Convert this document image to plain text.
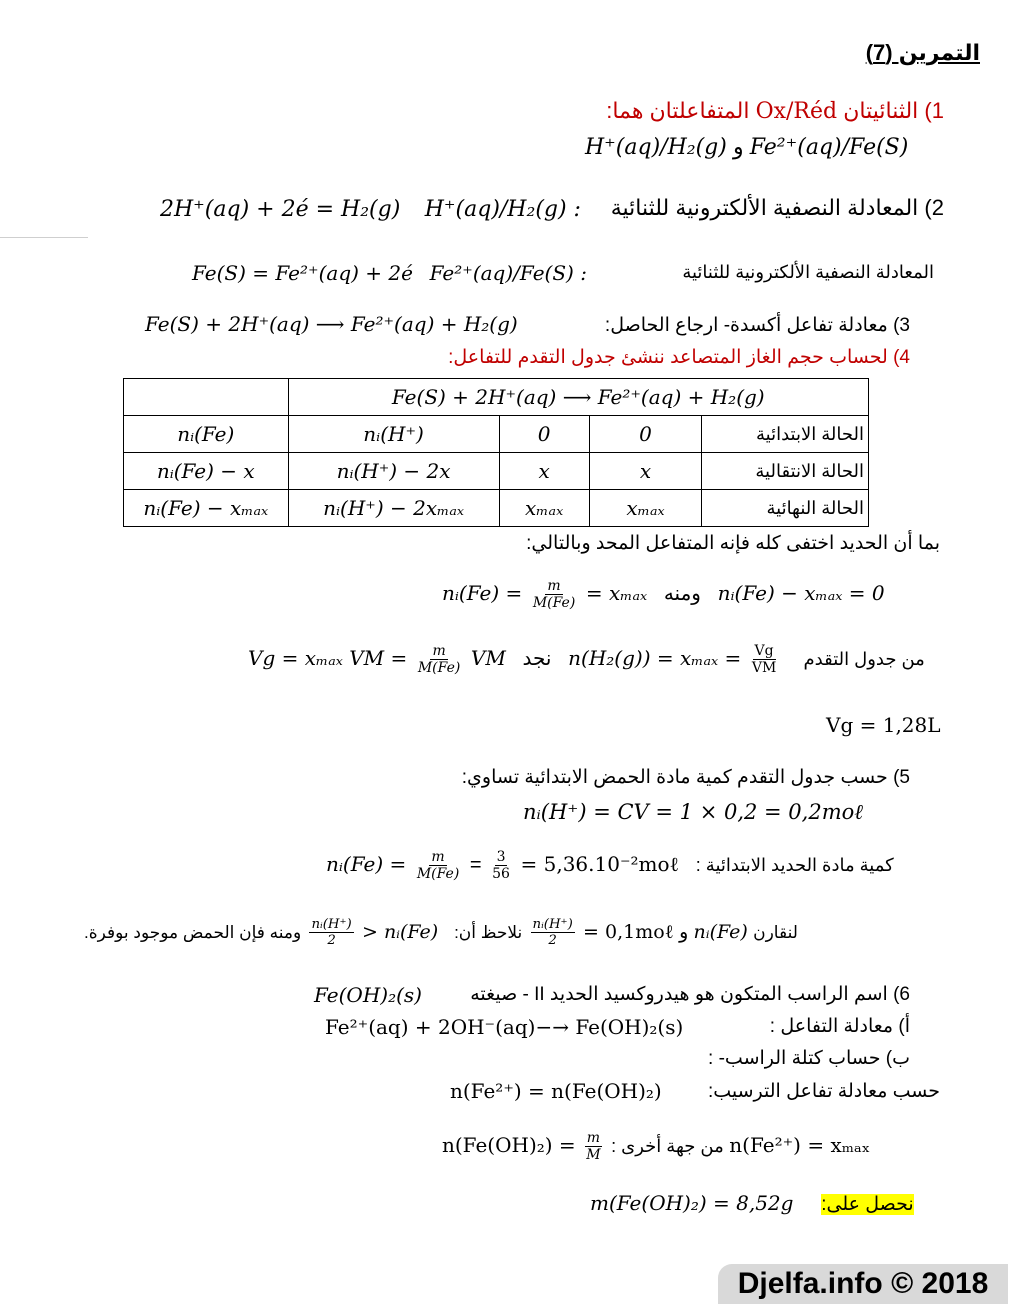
التمرين (7)
1) الثنائيتان Ox/Réd المتفاعلتان هما:
H⁺(aq)/H₂(g) و Fe²⁺(aq)/Fe(S)
2) المعادلة النصفية الألكترونية للثنائية
2H⁺(aq) + 2é = H₂(g) H⁺(aq)/H₂(g) :
المعادلة النصفية الألكترونية للثنائية
Fe(S) = Fe²⁺(aq) + 2é Fe²⁺(aq)/Fe(S) :
3) معادلة تفاعل أكسدة- ارجاع الحاصل:
Fe(S) + 2H⁺(aq) ⟶ Fe²⁺(aq) + H₂(g)
4) لحساب حجم الغاز المتصاعد ننشئ جدول التقدم للتفاعل:
	Fe(S) + 2H⁺(aq) ⟶ Fe²⁺(aq) + H₂(g)			
nᵢ(Fe)	nᵢ(H⁺)	0	0	الحالة الابتدائية
nᵢ(Fe) − x	nᵢ(H⁺) − 2x	x	x	الحالة الانتقالية
nᵢ(Fe) − xₘₐₓ	nᵢ(H⁺) − 2xₘₐₓ	xₘₐₓ	xₘₐₓ	الحالة النهائية
بما أن الحديد اختفى كله فإنه المتفاعل المحد وبالتالي:
nᵢ(Fe) = $\frac{m}{M(Fe)} = x_{max}$ ومنه nᵢ(Fe) − xₘₐₓ = 0
Vg = xₘₐₓ VM = $\frac{m}{M(Fe)}$ VM نجد $n(H_2(g)) = x_{max} = \frac{Vg}{VM}$ من جدول التقدم
Vg = 1,28L
5) حسب جدول التقدم كمية مادة الحمض الابتدائية تساوي:
nᵢ(H⁺) = CV = 1 × 0,2 = 0,2moℓ
nᵢ(Fe) = $\frac{m}{M(Fe)} = \frac{3}{56}$ = 5,36.10⁻²moℓ كمية مادة الحديد الابتدائية :
ومنه فإن الحمض موجود بوفرة. $\frac{\text{nᵢ(H⁺)}}{2}$ > nᵢ(Fe) نلاحظ أن: $\frac{\text{nᵢ(H⁺)}}{2}$ = 0,1moℓ و nᵢ(Fe) لنقارن
6) اسم الراسب المتكون هو هيدروكسيد الحديد II - صيغته
Fe(OH)₂(s)
أ) معادلة التفاعل :
Fe²⁺(aq) + 2OH⁻(aq)−→ Fe(OH)₂(s)
ب) حساب كتلة الراسب- :
حسب معادلة تفاعل الترسيب:
n(Fe²⁺) = n(Fe(OH)₂)
$n(Fe(OH)_2) = \frac{m}{M}$ من جهة أخرى : n(Fe²⁺) = xₘₐₓ
m(Fe(OH)₂) = 8,52g نحصل على:
Djelfa.info © 2018
